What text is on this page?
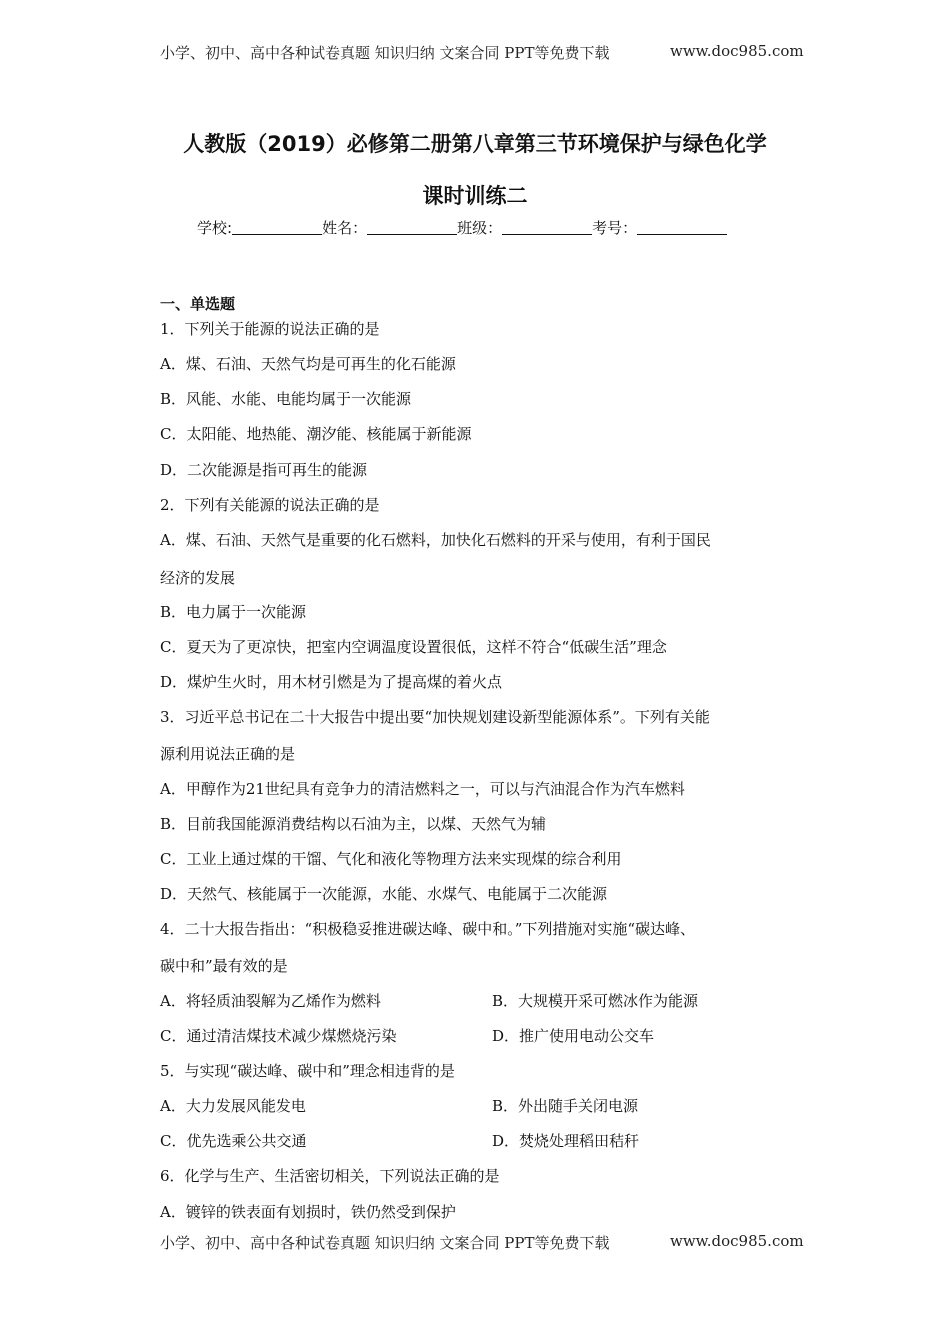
小学、初中、高中各种试卷真题 知识归纳 文案合同 PPT等免费下载	www.doc985.com
人教版（2019）必修第二册第八章第三节环境保护与绿色化学
课时训练二
学校:	姓名：	班级：	考号：
一、单选题
1．下列关于能源的说法正确的是
A．煤、石油、天然气均是可再生的化石能源
B．风能、水能、电能均属于一次能源
C．太阳能、地热能、潮汐能、核能属于新能源
D．二次能源是指可再生的能源
2．下列有关能源的说法正确的是
A．煤、石油、天然气是重要的化石燃料，加快化石燃料的开采与使用，有利于国民
经济的发展
B．电力属于一次能源
C．夏天为了更凉快，把室内空调温度设置很低，这样不符合“低碳生活”理念
D．煤炉生火时，用木材引燃是为了提高煤的着火点
3．习近平总书记在二十大报告中提出要“加快规划建设新型能源体系”。下列有关能
源利用说法正确的是
A．甲醇作为21世纪具有竞争力的清洁燃料之一，可以与汽油混合作为汽车燃料
B．目前我国能源消费结构以石油为主，以煤、天然气为辅
C．工业上通过煤的干馏、气化和液化等物理方法来实现煤的综合利用
D．天然气、核能属于一次能源，水能、水煤气、电能属于二次能源
4．二十大报告指出：“积极稳妥推进碳达峰、碳中和。”下列措施对实施“碳达峰、
碳中和”最有效的是
A．将轻质油裂解为乙烯作为燃料	B．大规模开采可燃冰作为能源
C．通过清洁煤技术减少煤燃烧污染	D．推广使用电动公交车
5．与实现“碳达峰、碳中和”理念相违背的是
A．大力发展风能发电	B．外出随手关闭电源
C．优先选乘公共交通	D．焚烧处理稻田秸秆
6．化学与生产、生活密切相关，下列说法正确的是
A．镀锌的铁表面有划损时，铁仍然受到保护
小学、初中、高中各种试卷真题 知识归纳 文案合同 PPT等免费下载	www.doc985.com
